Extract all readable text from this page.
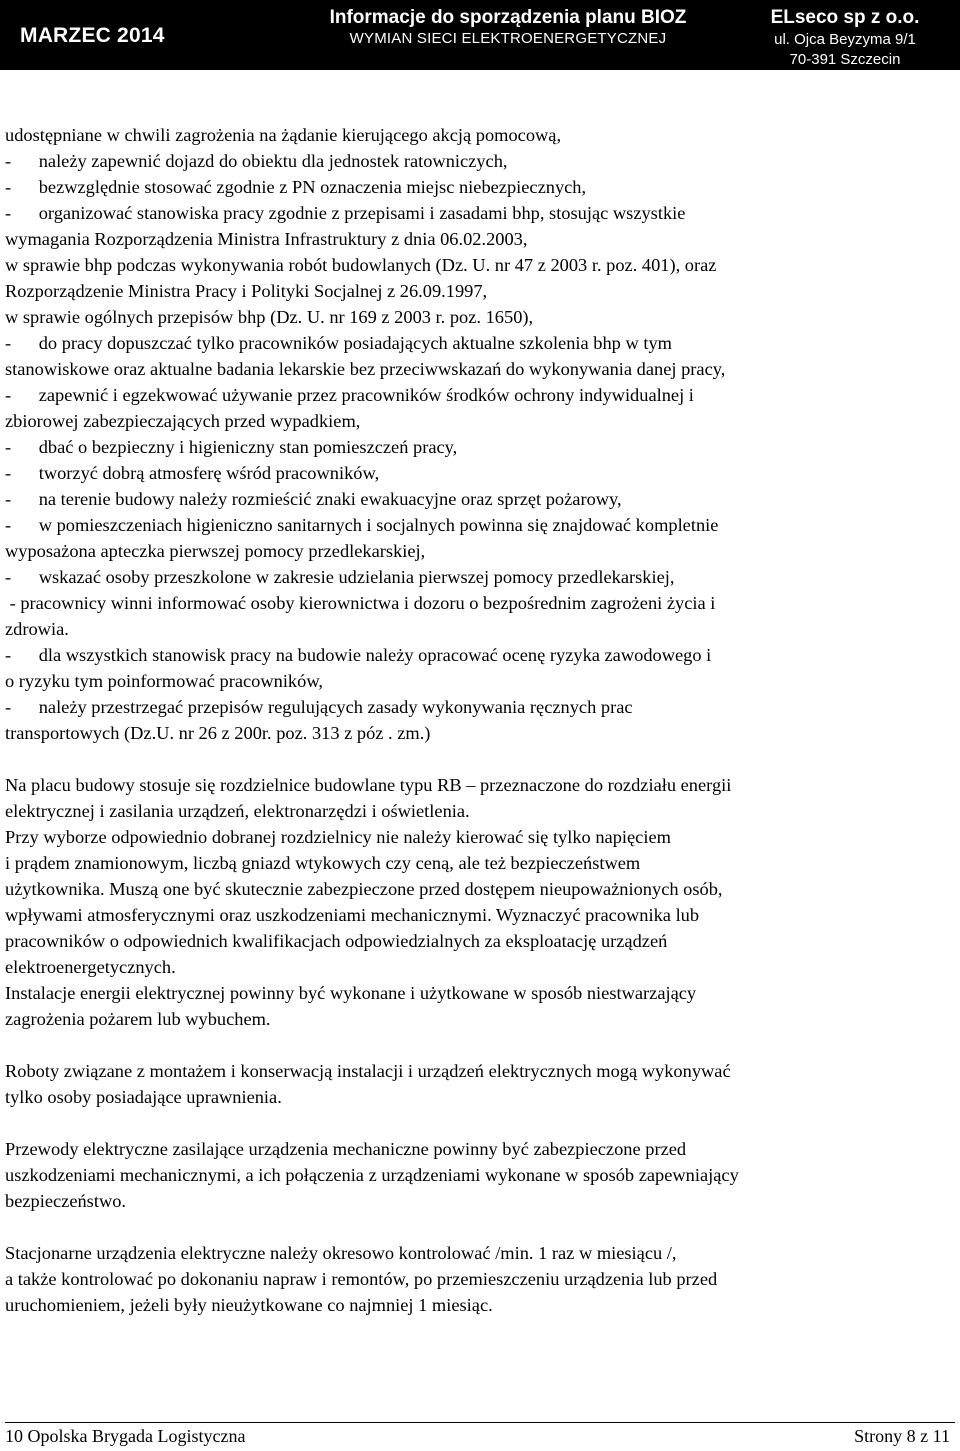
MARZEC 2014
Informacje do sporządzenia planu BIOZ
WYMIAN SIECI ELEKTROENERGETYCZNEJ
ELseco sp z o.o.
ul. Ojca Beyzyma 9/1
70-391 Szczecin

udostępniane w chwili zagrożenia na żądanie kierującego akcją pomocową,

-      należy zapewnić dojazd do obiektu dla jednostek ratowniczych,

-      bezwzględnie stosować zgodnie z PN oznaczenia miejsc niebezpiecznych,

-      organizować stanowiska pracy zgodnie z przepisami i zasadami bhp, stosując wszystkie

wymagania Rozporządzenia Ministra Infrastruktury z dnia 06.02.2003,

w sprawie bhp podczas wykonywania robót budowlanych (Dz. U. nr 47 z 2003 r. poz. 401), oraz

Rozporządzenie Ministra Pracy i Polityki Socjalnej z 26.09.1997,

w sprawie ogólnych przepisów bhp (Dz. U. nr 169 z 2003 r. poz. 1650),

-      do pracy dopuszczać tylko pracowników posiadających aktualne szkolenia bhp w tym

stanowiskowe oraz aktualne badania lekarskie bez przeciwwskazań do wykonywania danej pracy,

-      zapewnić i egzekwować używanie przez pracowników środków ochrony indywidualnej i

zbiorowej zabezpieczających przed wypadkiem,

-      dbać o bezpieczny i higieniczny stan pomieszczeń pracy,

-      tworzyć dobrą atmosferę wśród pracowników,

-      na terenie budowy należy rozmieścić znaki ewakuacyjne oraz sprzęt pożarowy,

-      w pomieszczeniach higieniczno sanitarnych i socjalnych powinna się znajdować kompletnie

wyposażona apteczka pierwszej pomocy przedlekarskiej,

-      wskazać osoby przeszkolone w zakresie udzielania pierwszej pomocy przedlekarskiej,

- pracownicy winni informować osoby kierownictwa i dozoru o bezpośrednim zagrożeni życia i

zdrowia.

-      dla wszystkich stanowisk pracy na budowie należy opracować ocenę ryzyka zawodowego i

o ryzyku tym poinformować pracowników,

-      należy przestrzegać przepisów regulujących zasady wykonywania ręcznych prac

transportowych (Dz.U. nr 26 z 200r. poz. 313 z póz . zm.)

Na placu budowy stosuje się rozdzielnice budowlane typu RB – przeznaczone do rozdziału energii

elektrycznej i zasilania urządzeń, elektronarzędzi i oświetlenia.

Przy wyborze odpowiednio dobranej rozdzielnicy nie należy kierować się tylko napięciem

i prądem znamionowym, liczbą gniazd wtykowych czy ceną, ale też bezpieczeństwem

użytkownika. Muszą one być skutecznie zabezpieczone przed dostępem nieupoważnionych osób,

wpływami atmosferycznymi oraz uszkodzeniami mechanicznymi. Wyznaczyć pracownika lub

pracowników o odpowiednich kwalifikacjach odpowiedzialnych za eksploatację urządzeń

elektroenergetycznych.

Instalacje energii elektrycznej powinny być wykonane i użytkowane w sposób niestwarzający

zagrożenia pożarem lub wybuchem.

Roboty związane z montażem i konserwacją instalacji i urządzeń elektrycznych mogą wykonywać

tylko osoby posiadające uprawnienia.

Przewody elektryczne zasilające urządzenia mechaniczne powinny być zabezpieczone przed

uszkodzeniami mechanicznymi, a ich połączenia z urządzeniami wykonane w sposób zapewniający

bezpieczeństwo.

Stacjonarne urządzenia elektryczne należy okresowo kontrolować /min. 1 raz w miesiącu /,

a także kontrolować po dokonaniu napraw i remontów, po przemieszczeniu urządzenia lub przed

uruchomieniem, jeżeli były nieużytkowane co najmniej 1 miesiąc.

10 Opolska Brygada Logistyczna	Strony 8 z 11
